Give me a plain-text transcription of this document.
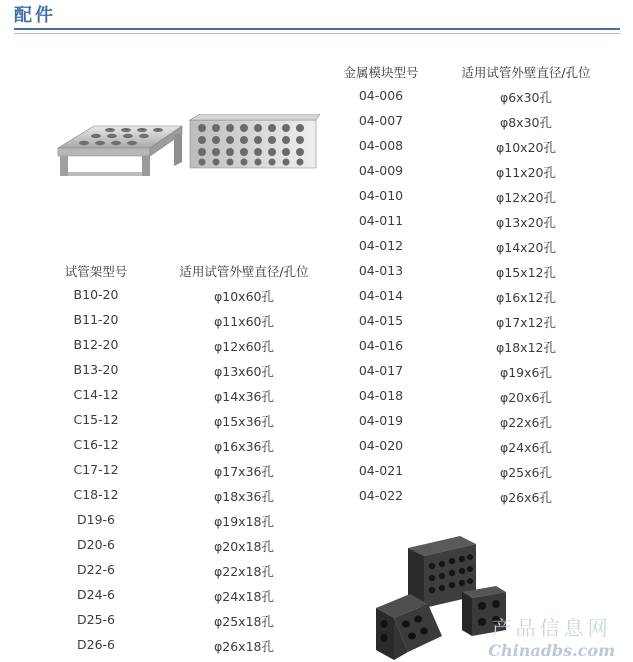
配件
试管架型号	适用试管外壁直径/孔位
B10-20	φ10x60孔
B11-20	φ11x60孔
B12-20	φ12x60孔
B13-20	φ13x60孔
C14-12	φ14x36孔
C15-12	φ15x36孔
C16-12	φ16x36孔
C17-12	φ17x36孔
C18-12	φ18x36孔
D19-6	φ19x18孔
D20-6	φ20x18孔
D22-6	φ22x18孔
D24-6	φ24x18孔
D25-6	φ25x18孔
D26-6	φ26x18孔
金属模块型号	适用试管外壁直径/孔位
04-006	φ6x30孔
04-007	φ8x30孔
04-008	φ10x20孔
04-009	φ11x20孔
04-010	φ12x20孔
04-011	φ13x20孔
04-012	φ14x20孔
04-013	φ15x12孔
04-014	φ16x12孔
04-015	φ17x12孔
04-016	φ18x12孔
04-017	φ19x6孔
04-018	φ20x6孔
04-019	φ22x6孔
04-020	φ24x6孔
04-021	φ25x6孔
04-022	φ26x6孔
产品信息网
Chinadbs.com
